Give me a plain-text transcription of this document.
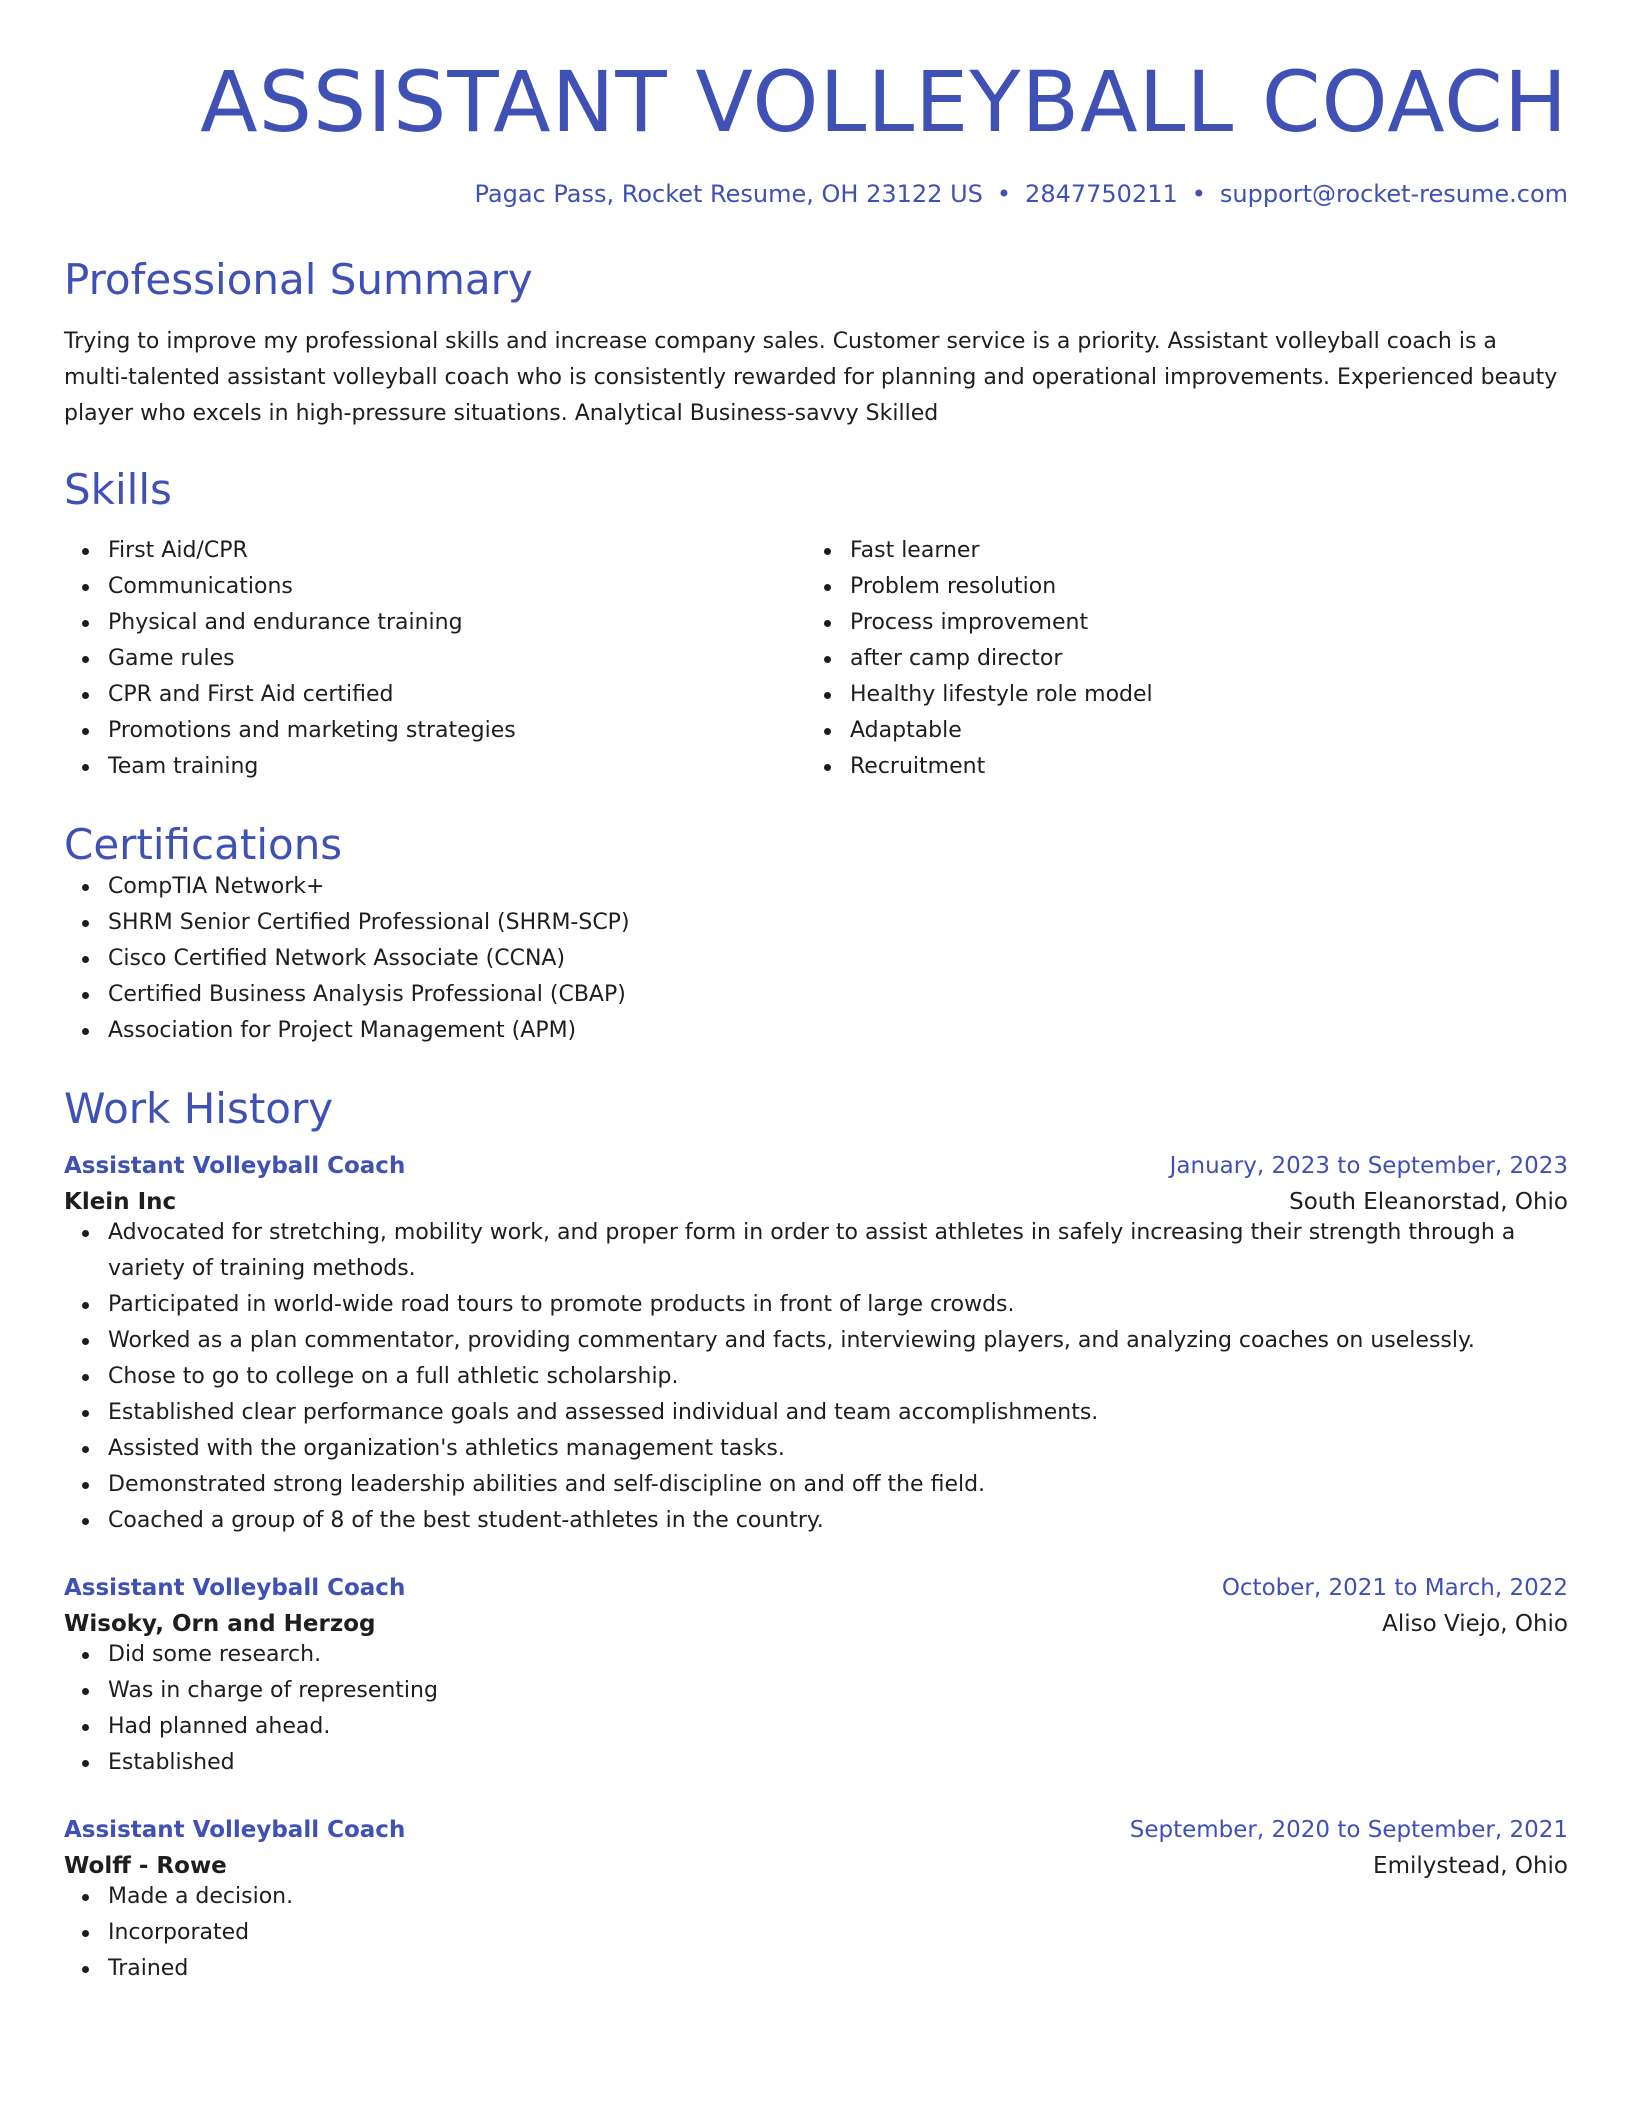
ASSISTANT VOLLEYBALL COACH
Pagac Pass, Rocket Resume, OH 23122 US • 2847750211 • support@rocket-resume.com
Professional Summary
Trying to improve my professional skills and increase company sales. Customer service is a priority. Assistant volleyball coach is a multi-talented assistant volleyball coach who is consistently rewarded for planning and operational improvements. Experienced beauty player who excels in high-pressure situations. Analytical Business-savvy Skilled
Skills
First Aid/CPR
Communications
Physical and endurance training
Game rules
CPR and First Aid certified
Promotions and marketing strategies
Team training
Fast learner
Problem resolution
Process improvement
after camp director
Healthy lifestyle role model
Adaptable
Recruitment
Certifications
CompTIA Network+
SHRM Senior Certified Professional (SHRM-SCP)
Cisco Certified Network Associate (CCNA)
Certified Business Analysis Professional (CBAP)
Association for Project Management (APM)
Work History
Assistant Volleyball Coach	January, 2023 to September, 2023
Klein Inc	South Eleanorstad, Ohio
Advocated for stretching, mobility work, and proper form in order to assist athletes in safely increasing their strength through a variety of training methods.
Participated in world-wide road tours to promote products in front of large crowds.
Worked as a plan commentator, providing commentary and facts, interviewing players, and analyzing coaches on uselessly.
Chose to go to college on a full athletic scholarship.
Established clear performance goals and assessed individual and team accomplishments.
Assisted with the organization's athletics management tasks.
Demonstrated strong leadership abilities and self-discipline on and off the field.
Coached a group of 8 of the best student-athletes in the country.
Assistant Volleyball Coach	October, 2021 to March, 2022
Wisoky, Orn and Herzog	Aliso Viejo, Ohio
Did some research.
Was in charge of representing
Had planned ahead.
Established
Assistant Volleyball Coach	September, 2020 to September, 2021
Wolff - Rowe	Emilystead, Ohio
Made a decision.
Incorporated
Trained
